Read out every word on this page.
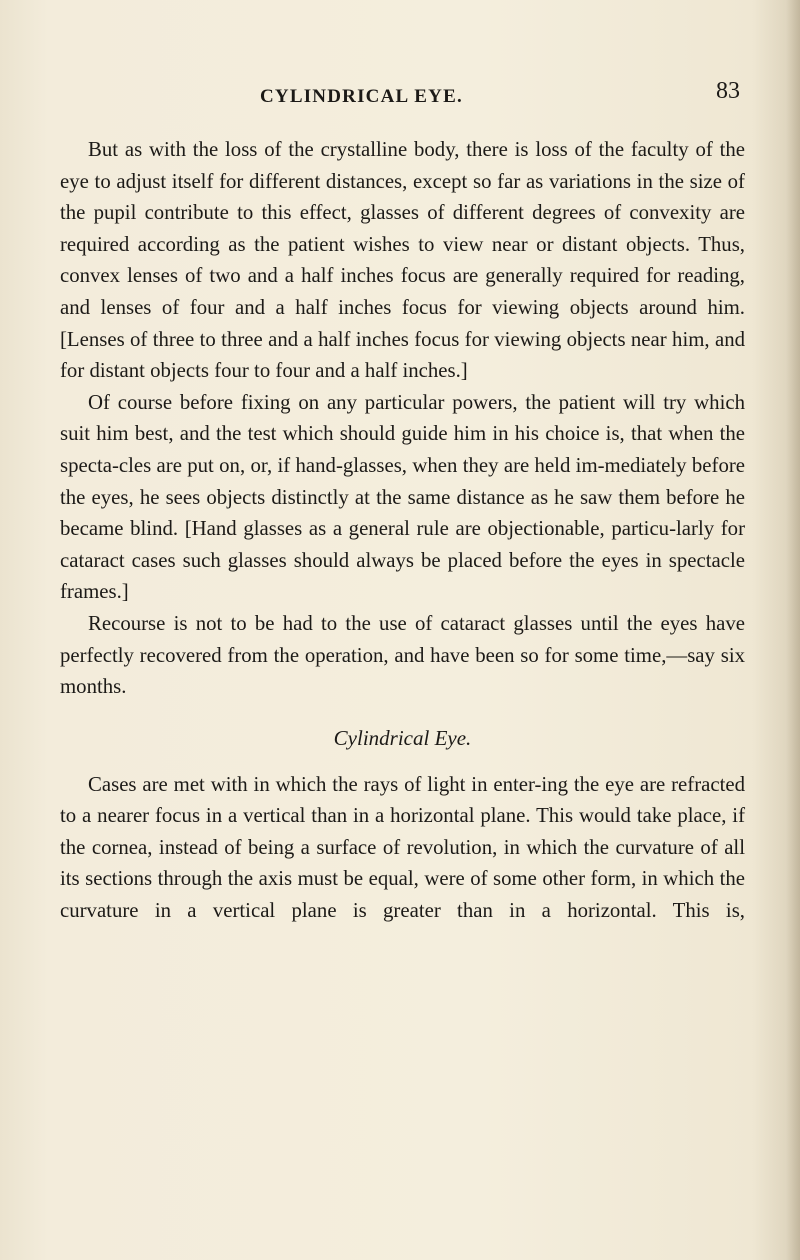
CYLINDRICAL EYE.	83

But as with the loss of the crystalline body, there is loss of the faculty of the eye to adjust itself for different distances, except so far as variations in the size of the pupil contribute to this effect, glasses of different degrees of convexity are required according as the patient wishes to view near or distant objects. Thus, convex lenses of two and a half inches focus are generally required for reading, and lenses of four and a half inches focus for viewing objects around him. [Lenses of three to three and a half inches focus for viewing objects near him, and for distant objects four to four and a half inches.]

Of course before fixing on any particular powers, the patient will try which suit him best, and the test which should guide him in his choice is, that when the specta-cles are put on, or, if hand-glasses, when they are held im-mediately before the eyes, he sees objects distinctly at the same distance as he saw them before he became blind. [Hand glasses as a general rule are objectionable, particu-larly for cataract cases such glasses should always be placed before the eyes in spectacle frames.]

Recourse is not to be had to the use of cataract glasses until the eyes have perfectly recovered from the operation, and have been so for some time,—say six months.

Cylindrical Eye.

Cases are met with in which the rays of light in enter-ing the eye are refracted to a nearer focus in a vertical than in a horizontal plane. This would take place, if the cornea, instead of being a surface of revolution, in which the curvature of all its sections through the axis must be equal, were of some other form, in which the curvature in a vertical plane is greater than in a horizontal. This is,
